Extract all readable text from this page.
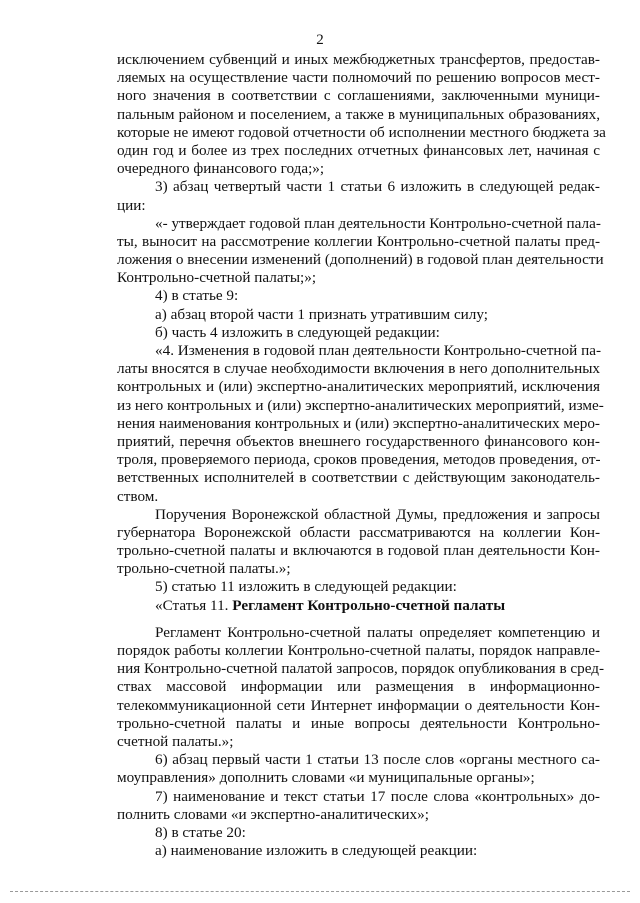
2
исключением субвенций и иных межбюджетных трансфертов, предостав-
ляемых на осуществление части полномочий по решению вопросов мест-
ного значения в соответствии с соглашениями, заключенными муници-
пальным районом и поселением, а также в муниципальных образованиях,
которые не имеют годовой отчетности об исполнении местного бюджета за
один год и более из трех последних отчетных финансовых лет, начиная с
очередного финансового года;»;
3) абзац четвертый части 1 статьи 6 изложить в следующей редак-
ции:
«- утверждает годовой план деятельности Контрольно-счетной пала-
ты, выносит на рассмотрение коллегии Контрольно-счетной палаты пред-
ложения о внесении изменений (дополнений) в годовой план деятельности
Контрольно-счетной палаты;»;
4) в статье 9:
а) абзац второй части 1 признать утратившим силу;
б) часть 4 изложить в следующей редакции:
«4. Изменения в годовой план деятельности Контрольно-счетной па-
латы вносятся в случае необходимости включения в него дополнительных
контрольных и (или) экспертно-аналитических мероприятий, исключения
из него контрольных и (или) экспертно-аналитических мероприятий, изме-
нения наименования контрольных и (или) экспертно-аналитических меро-
приятий, перечня объектов внешнего государственного финансового кон-
троля, проверяемого периода, сроков проведения, методов проведения, от-
ветственных исполнителей в соответствии с действующим законодатель-
ством.
Поручения Воронежской областной Думы, предложения и запросы
губернатора Воронежской области рассматриваются на коллегии Кон-
трольно-счетной палаты и включаются в годовой план деятельности Кон-
трольно-счетной палаты.»;
5) статью 11 изложить в следующей редакции:
«Статья 11. Регламент Контрольно-счетной палаты
Регламент Контрольно-счетной палаты определяет компетенцию и
порядок работы коллегии Контрольно-счетной палаты, порядок направле-
ния Контрольно-счетной палатой запросов, порядок опубликования в сред-
ствах массовой информации или размещения в информационно-
телекоммуникационной сети Интернет информации о деятельности Кон-
трольно-счетной палаты и иные вопросы деятельности Контрольно-
счетной палаты.»;
6) абзац первый части 1 статьи 13 после слов «органы местного са-
моуправления» дополнить словами «и муниципальные органы»;
7) наименование и текст статьи 17 после слова «контрольных» до-
полнить словами «и экспертно-аналитических»;
8) в статье 20:
а) наименование изложить в следующей реакции:
